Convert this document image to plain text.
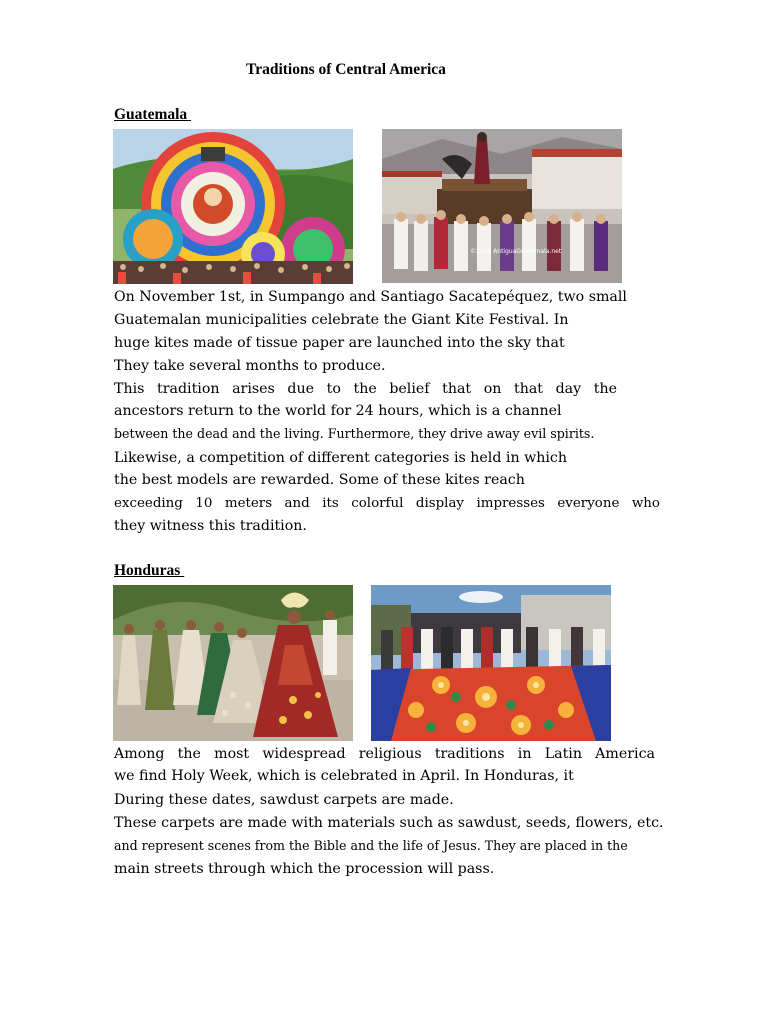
Traditions of Central America
Guatemala
©2010 AntiguaGuatemala.net
On November 1st, in Sumpango and Santiago Sacatepéquez, two small
Guatemalan municipalities celebrate the Giant Kite Festival. In
huge kites made of tissue paper are launched into the sky that
They take several months to produce.
This tradition arises due to the belief that on that day the
ancestors return to the world for 24 hours, which is a channel
between the dead and the living. Furthermore, they drive away evil spirits.
Likewise, a competition of different categories is held in which
the best models are rewarded. Some of these kites reach
exceeding 10 meters and its colorful display impresses everyone who
they witness this tradition.
Honduras
Among the most widespread religious traditions in Latin America
we find Holy Week, which is celebrated in April. In Honduras, it
During these dates, sawdust carpets are made.
These carpets are made with materials such as sawdust, seeds, flowers, etc.
and represent scenes from the Bible and the life of Jesus. They are placed in the
main streets through which the procession will pass.
